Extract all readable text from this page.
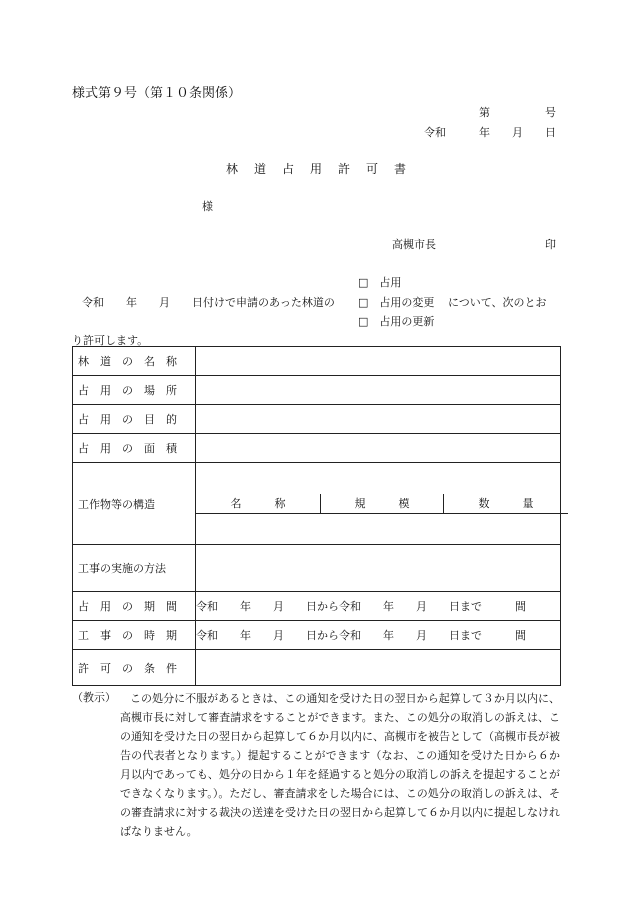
様式第９号（第１０条関係）
第　　　　　号
令和　　　年　　月　　日
林　道　占　用　許　可　書
様
高槻市長	印
□　占用
□　占用の変更
□　占用の更新
令和　　年　　月　　日付けで申請のあった林道の	について、次のとお
り許可します。
林　道　の　名　称	
占　用　の　場　所	
占　用　の　目　的	
占　用　の　面　積	
工作物等の構造	名　　　称 規　　　模 数　　　量

工事の実施の方法	
占　用　の　期　間	令和　　年　　月　　日から令和　　年　　月　　日まで　　　間
工　事　の　時　期	令和　　年　　月　　日から令和　　年　　月　　日まで　　　間
許　可　の　条　件	
（教示）	この処分に不服があるときは、この通知を受けた日の翌日から起算して３か月以内に、高槻市長に対して審査請求をすることができます。また、この処分の取消しの訴えは、この通知を受けた日の翌日から起算して６か月以内に、高槻市を被告として（高槻市長が被告の代表者となります。）提起することができます（なお、この通知を受けた日から６か月以内であっても、処分の日から１年を経過すると処分の取消しの訴えを提起することができなくなります。）。ただし、審査請求をした場合には、この処分の取消しの訴えは、その審査請求に対する裁決の送達を受けた日の翌日から起算して６か月以内に提起しなければなりません。
